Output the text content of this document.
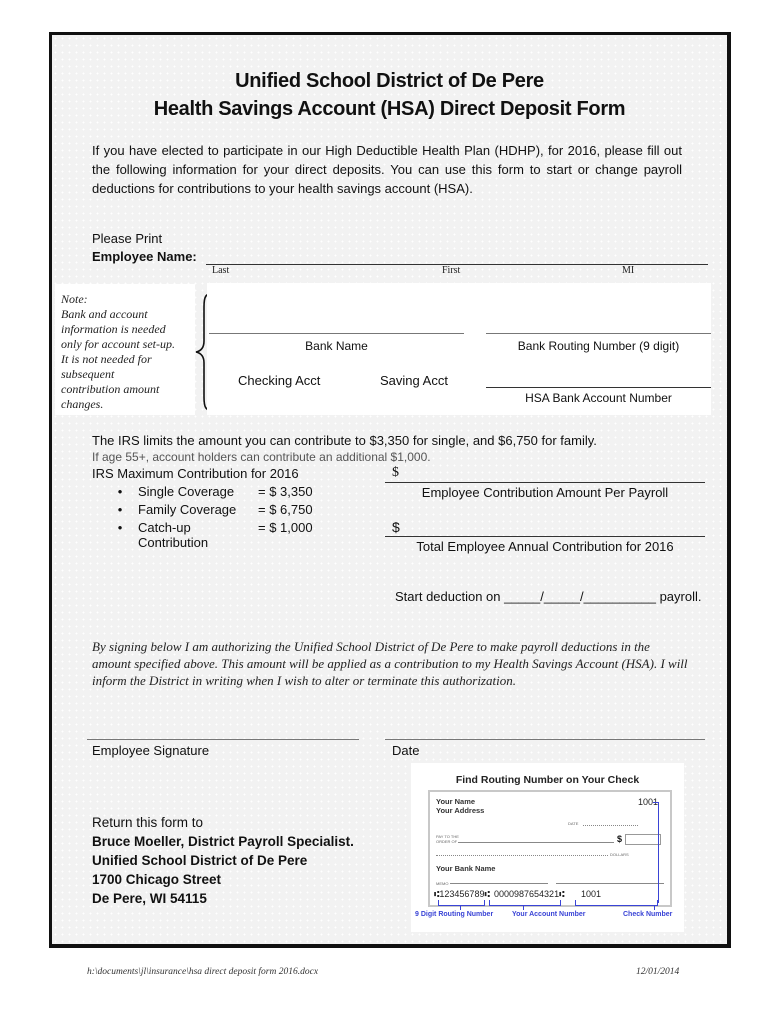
Unified School District of De Pere
Health Savings Account (HSA) Direct Deposit Form
If you have elected to participate in our High Deductible Health Plan (HDHP), for 2016, please fill out the following information for your direct deposits. You can use this form to start or change payroll deductions for contributions to your health savings account (HSA).
Please Print
Employee Name:
Last	First	MI
Note:
Bank and account
information is needed
only for account set-up.
It is not needed for
subsequent
contribution amount
changes.
Bank Name	Bank Routing Number (9 digit)
Checking Acct	Saving Acct
HSA Bank Account Number
The IRS limits the amount you can contribute to $3,350 for single, and $6,750 for family.
If age 55+, account holders can contribute an additional $1,000.
IRS Maximum Contribution for 2016
•	Single Coverage	= $ 3,350
•	Family Coverage	= $ 6,750
•	Catch-up Contribution
= $ 1,000
$
Employee Contribution Amount Per Payroll
$
Total Employee Annual Contribution for 2016
Start deduction on _____/_____/__________ payroll.
By signing below I am authorizing the Unified School District of De Pere to make payroll deductions in the amount specified above. This amount will be applied as a contribution to my Health Savings Account (HSA). I will inform the District in writing when I wish to alter or terminate this authorization.
Employee Signature	Date
Return this form to
Bruce Moeller, District Payroll Specialist.
Unified School District of De Pere
1700 Chicago Street
De Pere, WI 54115
Find Routing Number on Your Check
Your Name
Your Address
1001
DATE
PAY TO THE
ORDER OF	$
DOLLARS
Your Bank Name
MEMO
⑆123456789⑆ 0000987654321⑆ 1001
9 Digit Routing Number	Your Account Number	Check Number
h:\documents\jl\insurance\hsa direct deposit form 2016.docx	12/01/2014
